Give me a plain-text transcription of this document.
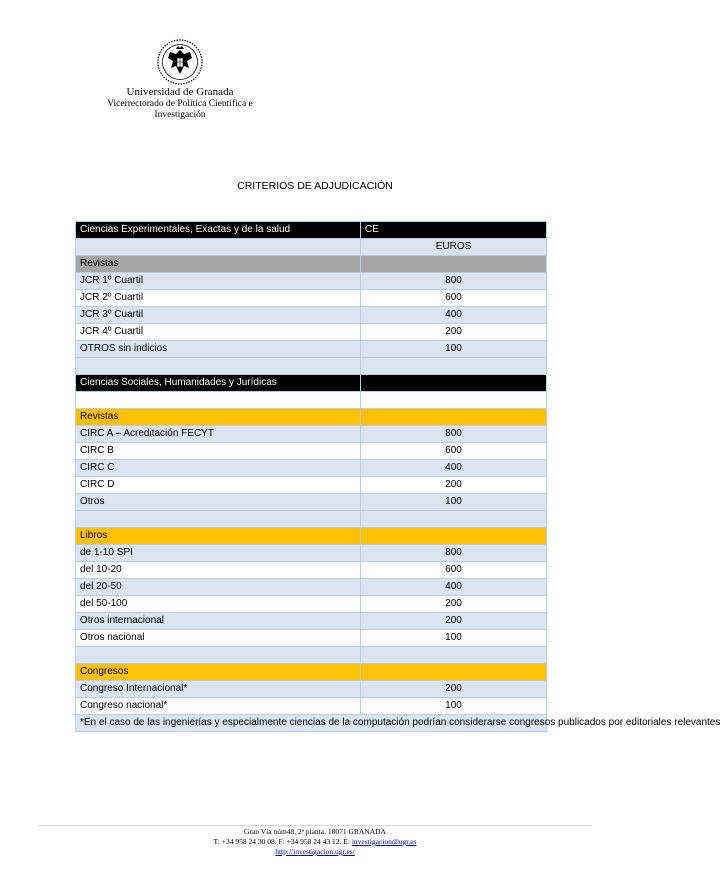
Universidad de Granada
Vicerrectorado de Política Científica e
Investigación
CRITERIOS DE ADJUDICACIÓN
Ciencias Experimentales, Exactas y de la salud	CE
	EUROS
Revistas	
JCR 1º Cuartil	800
JCR 2º Cuartil	600
JCR 3º Cuartil	400
JCR 4º Cuartil	200
OTROS sin indicios	100

Ciencias Sociales, Humanidades y Jurídicas	

Revistas	
CIRC A – Acreditación FECYT	800
CIRC B	600
CIRC C	400
CIRC D	200
Otros	100

Libros	
de 1-10 SPI	800
del 10-20	600
del 20-50	400
del 50-100	200
Otros internacional	200
Otros nacional	100

Congresos	
Congreso Internacional*	200
Congreso nacional*	100
*En el caso de las ingenierías y especialmente ciencias de la computación podrían considerarse congresos publicados por editoriales relevantes	
Gran Vía núm48, 2ª planta. 18071 GRANADA
T: +34 958 24 30 08. F: +34 958 24 43 12. E: investigacion@ugr.es
http://investigacion.ugr.es/
